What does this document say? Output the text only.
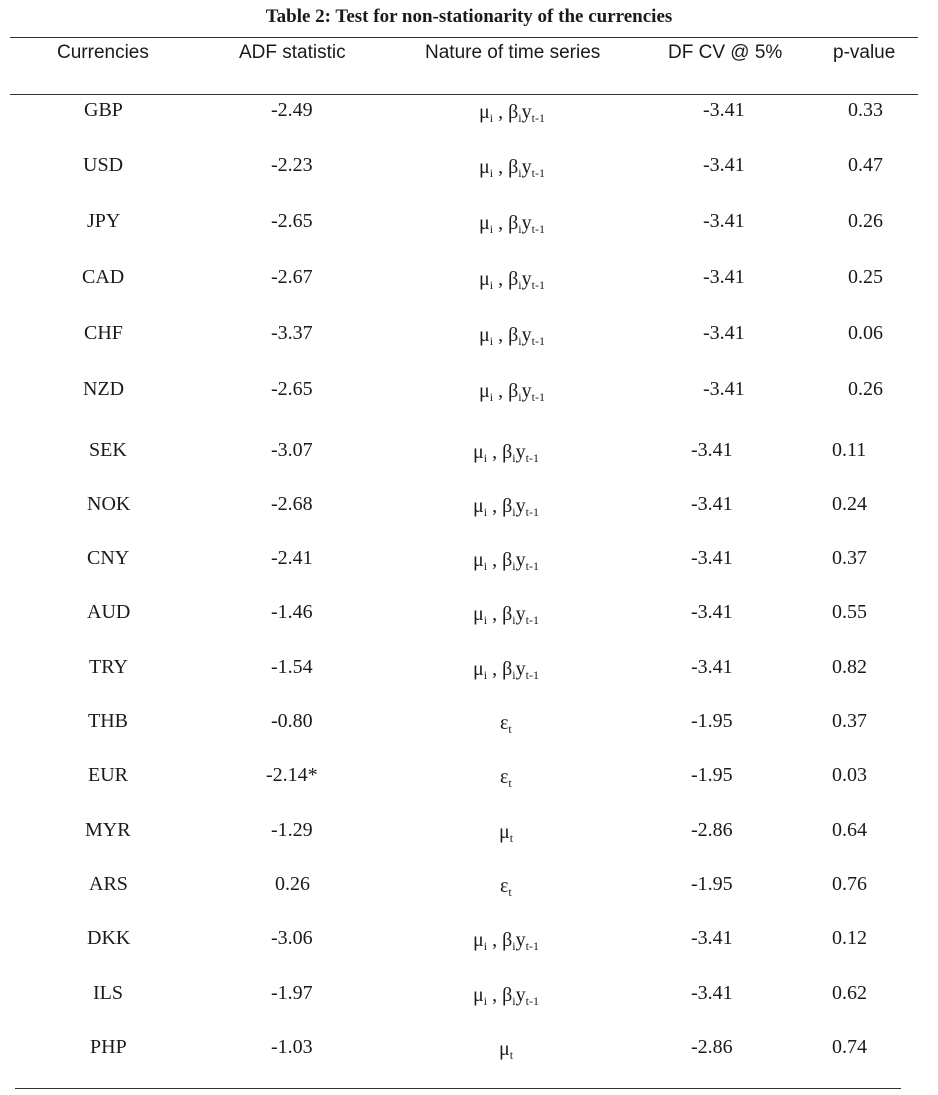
Table 2: Test for non-stationarity of the currencies
Currencies	ADF statistic	Nature of time series	DF CV @ 5%	p-value
GBP	-2.49	$\mu_i$ , $\beta_iy_{t-1}$	-3.41	0.33
USD	-2.23	$\mu_i$ , $\beta_iy_{t-1}$	-3.41	0.47
JPY	-2.65	$\mu_i$ , $\beta_iy_{t-1}$	-3.41	0.26
CAD	-2.67	$\mu_i$ , $\beta_iy_{t-1}$	-3.41	0.25
CHF	-3.37	$\mu_i$ , $\beta_iy_{t-1}$	-3.41	0.06
NZD	-2.65	$\mu_i$ , $\beta_iy_{t-1}$	-3.41	0.26
SEK	-3.07	$\mu_i$ , $\beta_iy_{t-1}$	-3.41	0.11
NOK	-2.68	$\mu_i$ , $\beta_iy_{t-1}$	-3.41	0.24
CNY	-2.41	$\mu_i$ , $\beta_iy_{t-1}$	-3.41	0.37
AUD	-1.46	$\mu_i$ , $\beta_iy_{t-1}$	-3.41	0.55
TRY	-1.54	$\mu_i$ , $\beta_iy_{t-1}$	-3.41	0.82
THB	-0.80	$\varepsilon_t$	-1.95	0.37
EUR	-2.14*	$\varepsilon_t$	-1.95	0.03
MYR	-1.29	$\mu_t$	-2.86	0.64
ARS	0.26	$\varepsilon_t$	-1.95	0.76
DKK	-3.06	$\mu_i$ , $\beta_iy_{t-1}$	-3.41	0.12
ILS	-1.97	$\mu_i$ , $\beta_iy_{t-1}$	-3.41	0.62
PHP	-1.03	$\mu_t$	-2.86	0.74
